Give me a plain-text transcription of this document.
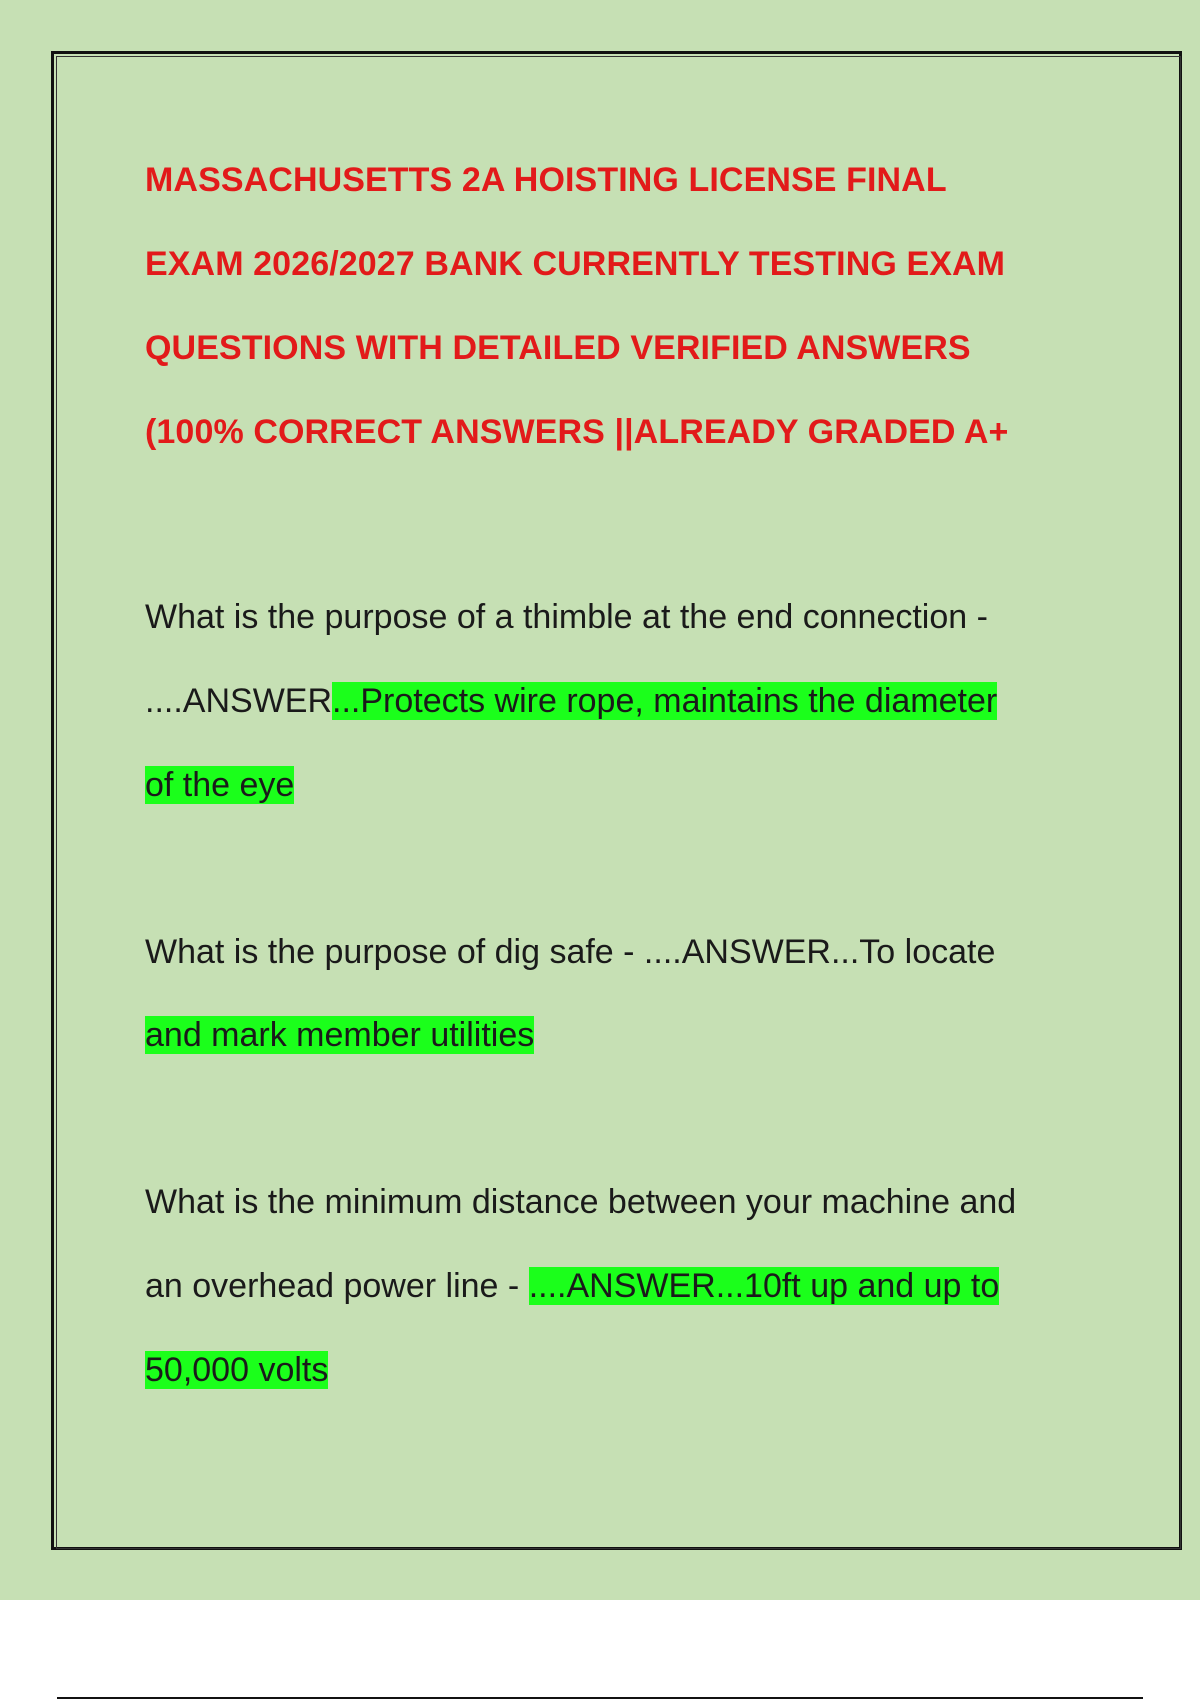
MASSACHUSETTS 2A HOISTING LICENSE FINAL
EXAM 2026/2027 BANK CURRENTLY TESTING EXAM
QUESTIONS WITH DETAILED VERIFIED ANSWERS
(100% CORRECT ANSWERS ||ALREADY GRADED A+
What is the purpose of a thimble at the end connection -
....ANSWER...Protects wire rope, maintains the diameter
of the eye
What is the purpose of dig safe - ....ANSWER...To locate
and mark member utilities
What is the minimum distance between your machine and
an overhead power line - ....ANSWER...10ft up and up to
50,000 volts
